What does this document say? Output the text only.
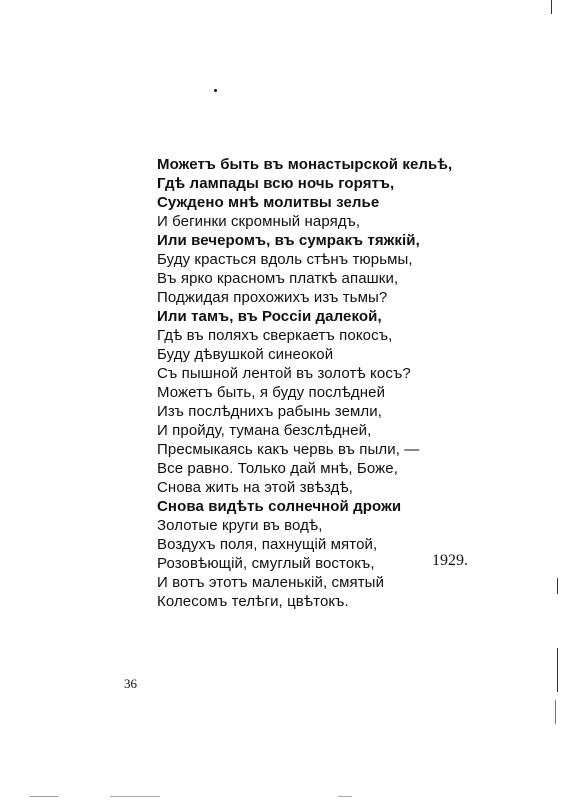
Можетъ быть въ монастырской кельѣ,
Гдѣ лампады всю ночь горятъ,
Суждено мнѣ молитвы зелье
И бегинки скромный нарядъ,
Или вечеромъ, въ сумракъ тяжкій,
Буду красться вдоль стѣнъ тюрьмы,
Въ ярко красномъ платкѣ апашки,
Поджидая прохожихъ изъ тьмы?
Или тамъ, въ Россіи далекой,
Гдѣ въ поляхъ сверкаетъ покосъ,
Буду дѣвушкой синеокой
Съ пышной лентой въ золотѣ косъ?
Можетъ быть, я буду послѣдней
Изъ послѣднихъ рабынь земли,
И пройду, тумана безслѣдней,
Пресмыкаясь какъ червь въ пыли, —
Все равно. Только дай мнѣ, Боже,
Снова жить на этой звѣздѣ,
Снова видѣть солнечной дрожи
Золотые круги въ водѣ,
Воздухъ поля, пахнущій мятой,
Розовѣющій, смуглый востокъ,
И вотъ этотъ маленькій, смятый
Колесомъ телѣги, цвѣтокъ.
1929.
36
